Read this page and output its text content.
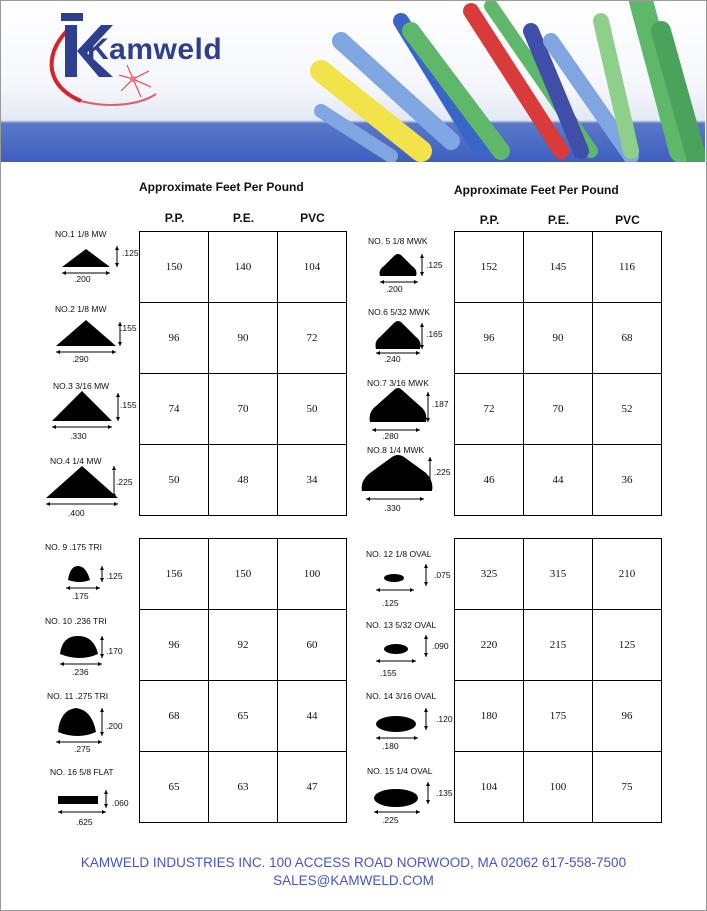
Kamweld
Approximate Feet Per Pound
P.P.	P.E.	PVC
150	140	104
96	90	72
74	70	50
50	48	34
156	150	100
96	92	60
68	65	44
65	63	47
Approximate Feet Per Pound
P.P.	P.E.	PVC
152	145	116
96	90	68
72	70	52
46	44	36
325	315	210
220	215	125
180	175	96
104	100	75
NO.1 1/8 MW
.125
.200
NO.2 1/8 MW
.155
.290
NO.3 3/16 MW
.155
.330
NO.4 1/4 MW
.225
.400
NO. 9 .175 TRI
.125
.175
NO. 10 .236 TRI
.170
.236
NO. 11 .275 TRI
.200
.275
NO. 16 5/8 FLAT
.060
.625
NO. 5 1/8 MWK
.125
.200
NO.6 5/32 MWK
.165
.240
NO.7 3/16 MWK
.187
.280
NO.8 1/4 MWK
.225
.330
NO. 12 1/8 OVAL
.075
.125
NO. 13 5/32 OVAL
.090
.155
NO. 14 3/16 OVAL
.120
.180
NO. 15 1/4 OVAL
.135
.225
KAMWELD INDUSTRIES INC. 100 ACCESS ROAD NORWOOD, MA 02062 617-558-7500
SALES@KAMWELD.COM
